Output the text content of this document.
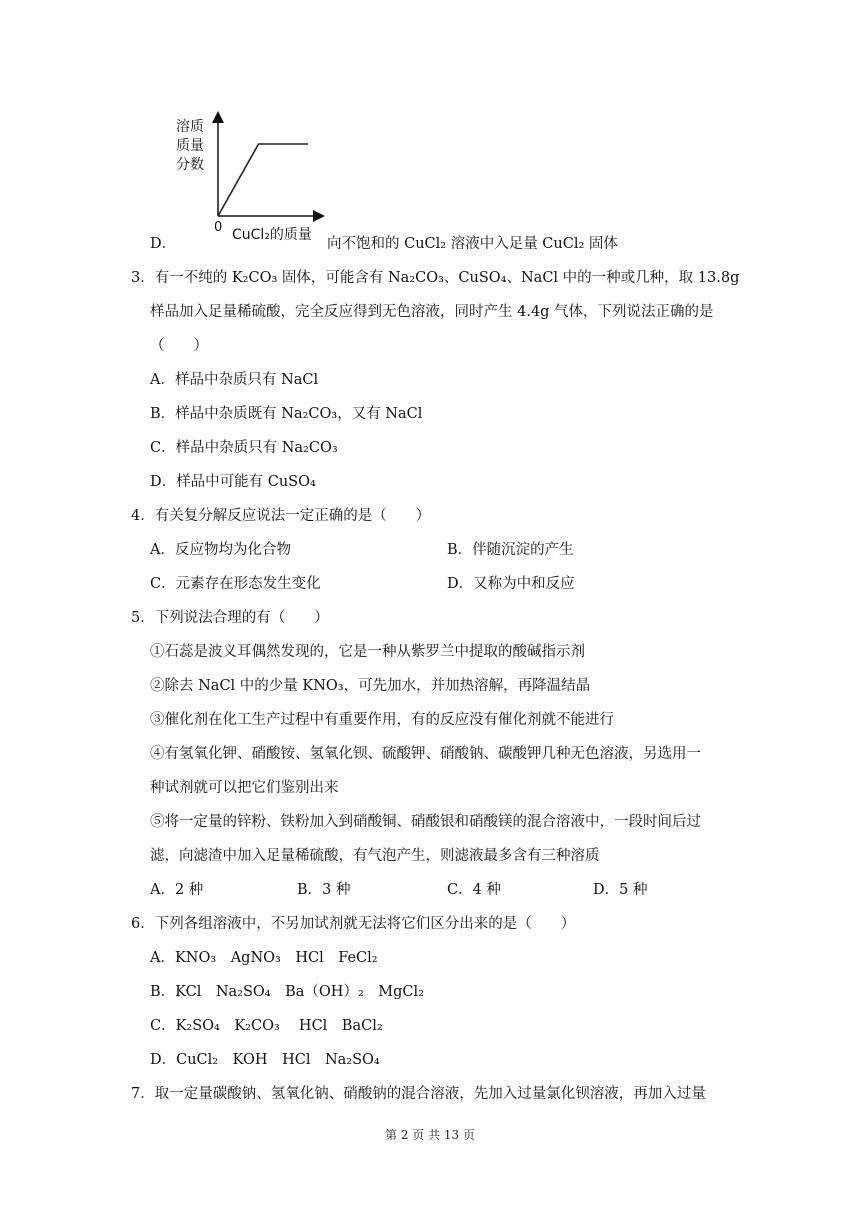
溶质
质量
分数
0 CuCl₂的质量
D．	向不饱和的 CuCl₂ 溶液中入足量 CuCl₂ 固体
3．有一不纯的 K₂CO₃ 固体，可能含有 Na₂CO₃、CuSO₄、NaCl 中的一种或几种，取 13.8g
样品加入足量稀硫酸，完全反应得到无色溶液，同时产生 4.4g 气体，下列说法正确的是
（　　）
A．样品中杂质只有 NaCl
B．样品中杂质既有 Na₂CO₃，又有 NaCl
C．样品中杂质只有 Na₂CO₃
D．样品中可能有 CuSO₄
4．有关复分解反应说法一定正确的是（　　）
A．反应物均为化合物	B．伴随沉淀的产生
C．元素存在形态发生变化	D．又称为中和反应
5．下列说法合理的有（　　）
①石蕊是波义耳偶然发现的，它是一种从紫罗兰中提取的酸碱指示剂
②除去 NaCl 中的少量 KNO₃，可先加水，并加热溶解，再降温结晶
③催化剂在化工生产过程中有重要作用，有的反应没有催化剂就不能进行
④有氢氧化钾、硝酸铵、氢氧化钡、硫酸钾、硝酸钠、碳酸钾几种无色溶液，另选用一
种试剂就可以把它们鉴别出来
⑤将一定量的锌粉、铁粉加入到硝酸铜、硝酸银和硝酸镁的混合溶液中，一段时间后过
滤，向滤渣中加入足量稀硫酸，有气泡产生，则滤液最多含有三种溶质
A．2 种	B．3 种	C．4 种	D．5 种
6．下列各组溶液中，不另加试剂就无法将它们区分出来的是（　　）
A．KNO₃　AgNO₃　HCl　FeCl₂
B．KCl　Na₂SO₄　Ba（OH）₂　MgCl₂
C．K₂SO₄　K₂CO₃　 HCl　BaCl₂
D．CuCl₂　KOH　HCl　Na₂SO₄
7．取一定量碳酸钠、氢氧化钠、硝酸钠的混合溶液，先加入过量氯化钡溶液，再加入过量
第 2 页 共 13 页
